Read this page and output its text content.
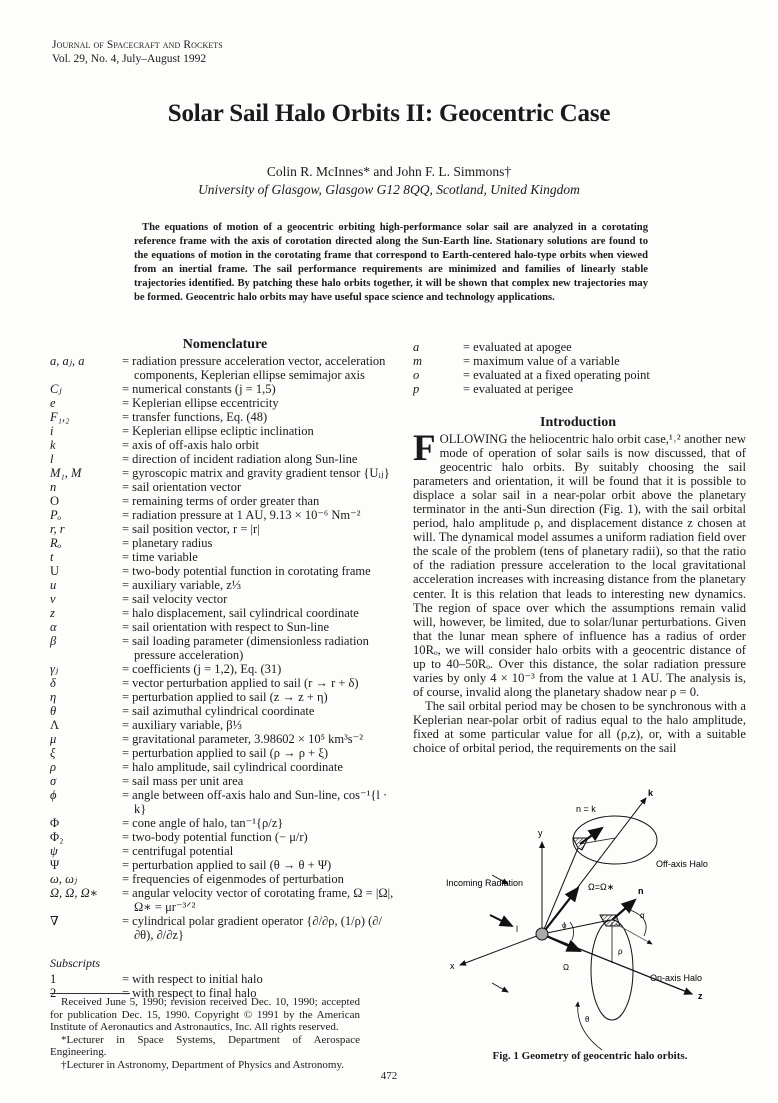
Journal of Spacecraft and Rockets
Vol. 29, No. 4, July–August 1992
Solar Sail Halo Orbits II: Geocentric Case
Colin R. McInnes* and John F. L. Simmons†
University of Glasgow, Glasgow G12 8QQ, Scotland, United Kingdom
The equations of motion of a geocentric orbiting high-performance solar sail are analyzed in a corotating reference frame with the axis of corotation directed along the Sun-Earth line. Stationary solutions are found to the equations of motion in the corotating frame that correspond to Earth-centered halo-type orbits when viewed from an inertial frame. The sail performance requirements are minimized and families of linearly stable trajectories identified. By patching these halo orbits together, it will be shown that complex new trajectories may be formed. Geocentric halo orbits may have useful space science and technology applications.
Nomenclature
a, aⱼ, a	= radiation pressure acceleration vector, acceleration components, Keplerian ellipse semimajor axis
Cⱼ	= numerical constants (j = 1,5)
e	= Keplerian ellipse eccentricity
F₁,₂	= transfer functions, Eq. (48)
i	= Keplerian ellipse ecliptic inclination
k	= axis of off-axis halo orbit
l	= direction of incident radiation along Sun-line
M₁, M	= gyroscopic matrix and gravity gradient tensor {Uᵢⱼ}
n	= sail orientation vector
O	= remaining terms of order greater than
Pₒ	= radiation pressure at 1 AU, 9.13 × 10⁻⁶ Nm⁻²
r, r	= sail position vector, r = |r|
Rₒ	= planetary radius
t	= time variable
U	= two-body potential function in corotating frame
u	= auxiliary variable, z⅓
v	= sail velocity vector
z	= halo displacement, sail cylindrical coordinate
α	= sail orientation with respect to Sun-line
β	= sail loading parameter (dimensionless radiation pressure acceleration)
γⱼ	= coefficients (j = 1,2), Eq. (31)
δ	= vector perturbation applied to sail (r → r + δ)
η	= perturbation applied to sail (z → z + η)
θ	= sail azimuthal cylindrical coordinate
Λ	= auxiliary variable, β⅓
μ	= gravitational parameter, 3.98602 × 10⁵ km³s⁻²
ξ	= perturbation applied to sail (ρ → ρ + ξ)
ρ	= halo amplitude, sail cylindrical coordinate
σ	= sail mass per unit area
ϕ	= angle between off-axis halo and Sun-line, cos⁻¹{l · k}
Φ	= cone angle of halo, tan⁻¹{ρ/z}
Φ₂	= two-body potential function (− μ/r)
ψ	= centrifugal potential
Ψ	= perturbation applied to sail (θ → θ + Ψ)
ω, ωⱼ	= frequencies of eigenmodes of perturbation
Ω, Ω, Ω∗	= angular velocity vector of corotating frame, Ω = |Ω|, Ω∗ = μr⁻³ᐟ²
∇	= cylindrical polar gradient operator {∂/∂ρ, (1/ρ) (∂/∂θ), ∂/∂z}
Subscripts
1	= with respect to initial halo
2	= with respect to final halo
a	= evaluated at apogee
m	= maximum value of a variable
o	= evaluated at a fixed operating point
p	= evaluated at perigee

Received June 5, 1990; revision received Dec. 10, 1990; accepted for publication Dec. 15, 1990. Copyright © 1991 by the American Institute of Aeronautics and Astronautics, Inc. All rights reserved.

*Lecturer in Space Systems, Department of Aerospace Engineering.

†Lecturer in Astronomy, Department of Physics and Astronomy.

472
Introduction

FOLLOWING the heliocentric halo orbit case,¹˒² another new mode of operation of solar sails is now discussed, that of geocentric halo orbits. By suitably choosing the sail parameters and orientation, it will be found that it is possible to displace a solar sail in a near-polar orbit above the planetary terminator in the anti-Sun direction (Fig. 1), with the sail orbital period, halo amplitude ρ, and displacement distance z chosen at will. The dynamical model assumes a uniform radiation field over the scale of the problem (tens of planetary radii), so that the ratio of the radiation pressure acceleration to the local gravitational acceleration increases with increasing distance from the planetary center. It is this relation that leads to interesting new dynamics. The region of space over which the assumptions remain valid will, however, be limited, due to solar/lunar perturbations. Given that the lunar mean sphere of influence has a radius of order 10Rₒ, we will consider halo orbits with a geocentric distance of up to 40–50Rₒ. Over this distance, the solar radiation pressure varies by only 4 × 10⁻³ from the value at 1 AU. The analysis is, of course, invalid along the planetary shadow near ρ = 0.

The sail orbital period may be chosen to be synchronous with a Keplerian near-polar orbit of radius equal to the halo amplitude, fixed at some particular value for all (ρ,z), or, with a suitable choice of orbital period, the requirements on the sail

n = k
k
y
Off-axis Halo
Incoming Radiation	Ω=Ω∗	n
α
l	ϕ
x	Ω
ρ
On-axis Halo
z
θ
Fig. 1 Geometry of geocentric halo orbits.
